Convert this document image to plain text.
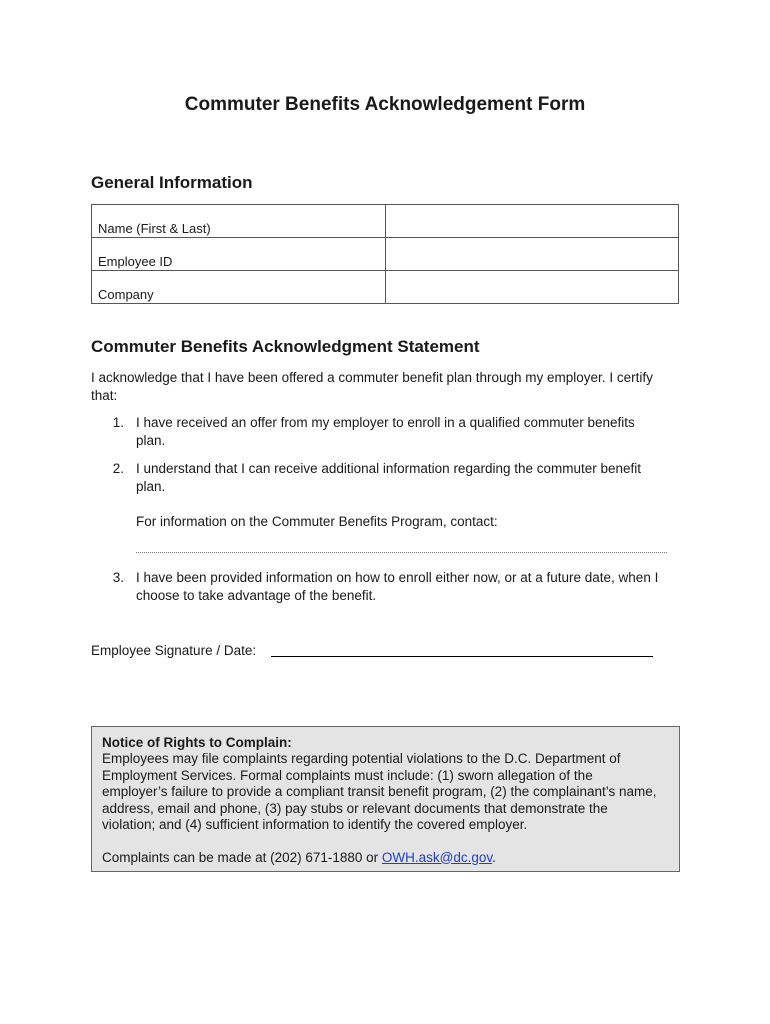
Commuter Benefits Acknowledgement Form
General Information
Name (First & Last)	
Employee ID	
Company	
Commuter Benefits Acknowledgment Statement
I acknowledge that I have been offered a commuter benefit plan through my employer. I certify
that:
1. I have received an offer from my employer to enroll in a qualified commuter benefits
plan.
2. I understand that I can receive additional information regarding the commuter benefit
plan.
For information on the Commuter Benefits Program, contact:
3. I have been provided information on how to enroll either now, or at a future date, when I
choose to take advantage of the benefit.
Employee Signature / Date:
Notice of Rights to Complain:
Employees may file complaints regarding potential violations to the D.C. Department of
Employment Services. Formal complaints must include: (1) sworn allegation of the
employer’s failure to provide a compliant transit benefit program, (2) the complainant’s name,
address, email and phone, (3) pay stubs or relevant documents that demonstrate the
violation; and (4) sufficient information to identify the covered employer.
Complaints can be made at (202) 671-1880 or OWH.ask@dc.gov.
